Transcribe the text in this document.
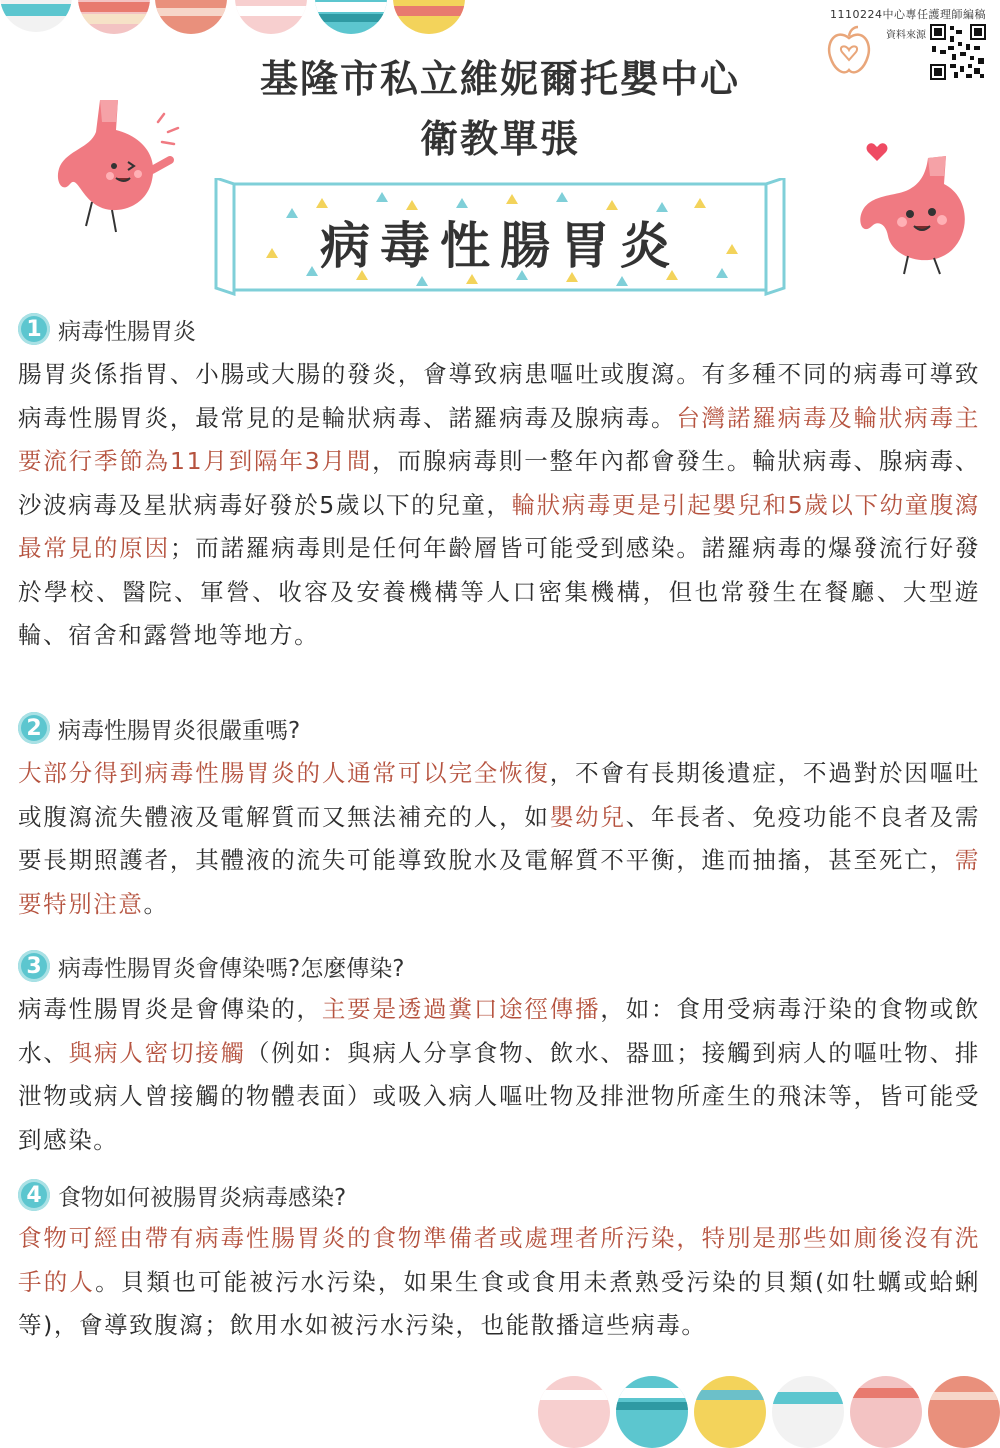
1110224中心專任護理師編稿
資料來源
基隆市私立維妮爾托嬰中心
衛教單張
病毒性腸胃炎
1 病毒性腸胃炎
腸胃炎係指胃、小腸或大腸的發炎，會導致病患嘔吐或腹瀉。有多種不同的病毒可導致病毒性腸胃炎，最常見的是輪狀病毒、諾羅病毒及腺病毒。台灣諾羅病毒及輪狀病毒主要流行季節為11月到隔年3月間，而腺病毒則一整年內都會發生。輪狀病毒、腺病毒、沙波病毒及星狀病毒好發於5歲以下的兒童，輪狀病毒更是引起嬰兒和5歲以下幼童腹瀉最常見的原因；而諾羅病毒則是任何年齡層皆可能受到感染。諾羅病毒的爆發流行好發於學校、醫院、軍營、收容及安養機構等人口密集機構，但也常發生在餐廳、大型遊輪、宿舍和露營地等地方。
2 病毒性腸胃炎很嚴重嗎?
大部分得到病毒性腸胃炎的人通常可以完全恢復，不會有長期後遺症，不過對於因嘔吐或腹瀉流失體液及電解質而又無法補充的人，如嬰幼兒、年長者、免疫功能不良者及需要長期照護者，其體液的流失可能導致脫水及電解質不平衡，進而抽搐，甚至死亡，需要特別注意。
3 病毒性腸胃炎會傳染嗎?怎麼傳染?
病毒性腸胃炎是會傳染的，主要是透過糞口途徑傳播，如：食用受病毒汙染的食物或飲水、與病人密切接觸（例如：與病人分享食物、飲水、器皿；接觸到病人的嘔吐物、排泄物或病人曾接觸的物體表面）或吸入病人嘔吐物及排泄物所產生的飛沫等，皆可能受到感染。
4 食物如何被腸胃炎病毒感染?
食物可經由帶有病毒性腸胃炎的食物準備者或處理者所污染，特別是那些如廁後沒有洗手的人。貝類也可能被污水污染，如果生食或食用未煮熟受污染的貝類(如牡蠣或蛤蜊等)，會導致腹瀉；飲用水如被污水污染，也能散播這些病毒。
